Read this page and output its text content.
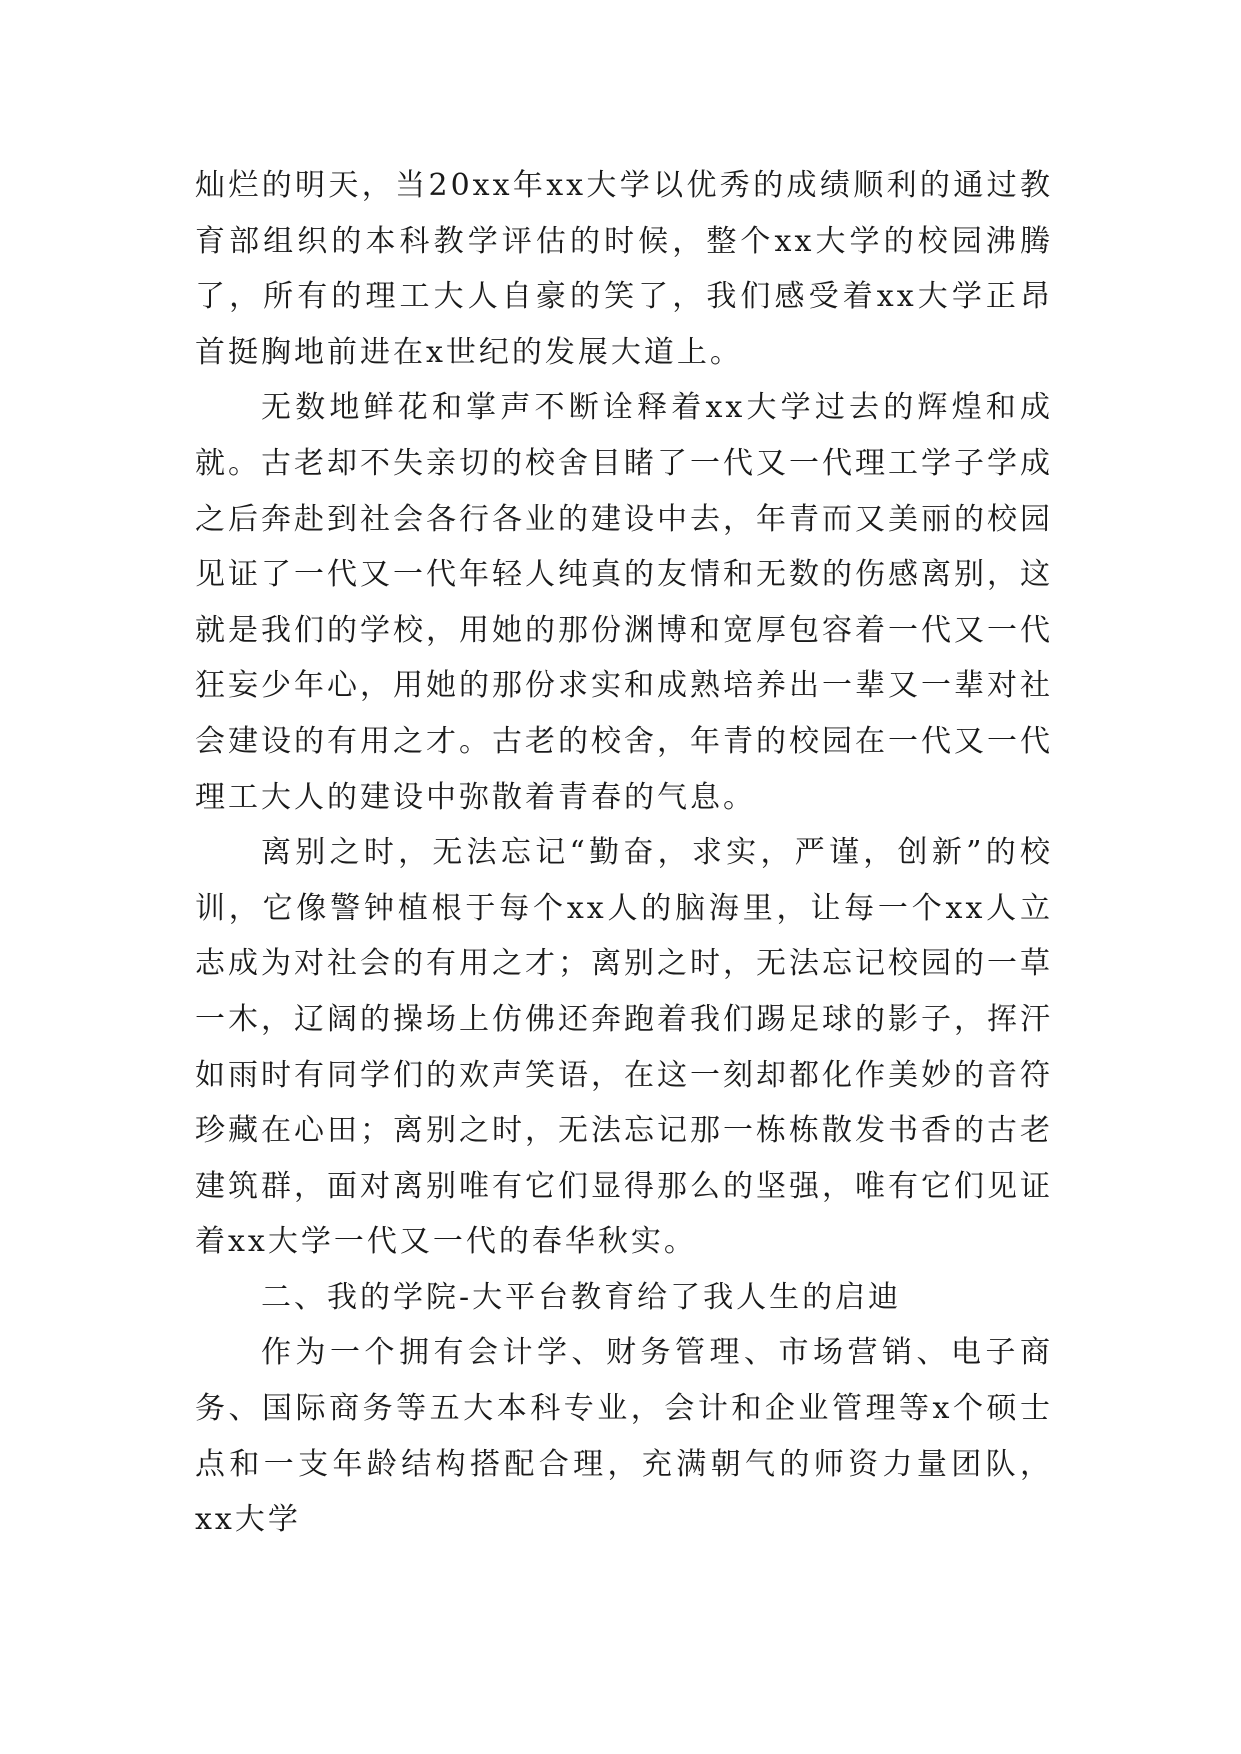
灿烂的明天，当20xx年xx大学以优秀的成绩顺利的通过教育部组织的本科教学评估的时候，整个xx大学的校园沸腾了，所有的理工大人自豪的笑了，我们感受着xx大学正昂首挺胸地前进在x世纪的发展大道上。

无数地鲜花和掌声不断诠释着xx大学过去的辉煌和成就。古老却不失亲切的校舍目睹了一代又一代理工学子学成之后奔赴到社会各行各业的建设中去，年青而又美丽的校园见证了一代又一代年轻人纯真的友情和无数的伤感离别，这就是我们的学校，用她的那份渊博和宽厚包容着一代又一代狂妄少年心，用她的那份求实和成熟培养出一辈又一辈对社会建设的有用之才。古老的校舍，年青的校园在一代又一代理工大人的建设中弥散着青春的气息。

离别之时，无法忘记“勤奋，求实，严谨，创新”的校训，它像警钟植根于每个xx人的脑海里，让每一个xx人立志成为对社会的有用之才；离别之时，无法忘记校园的一草一木，辽阔的操场上仿佛还奔跑着我们踢足球的影子，挥汗如雨时有同学们的欢声笑语，在这一刻却都化作美妙的音符珍藏在心田；离别之时，无法忘记那一栋栋散发书香的古老建筑群，面对离别唯有它们显得那么的坚强，唯有它们见证着xx大学一代又一代的春华秋实。

二、我的学院-大平台教育给了我人生的启迪

作为一个拥有会计学、财务管理、市场营销、电子商务、国际商务等五大本科专业，会计和企业管理等x个硕士点和一支年龄结构搭配合理，充满朝气的师资力量团队，xx大学
